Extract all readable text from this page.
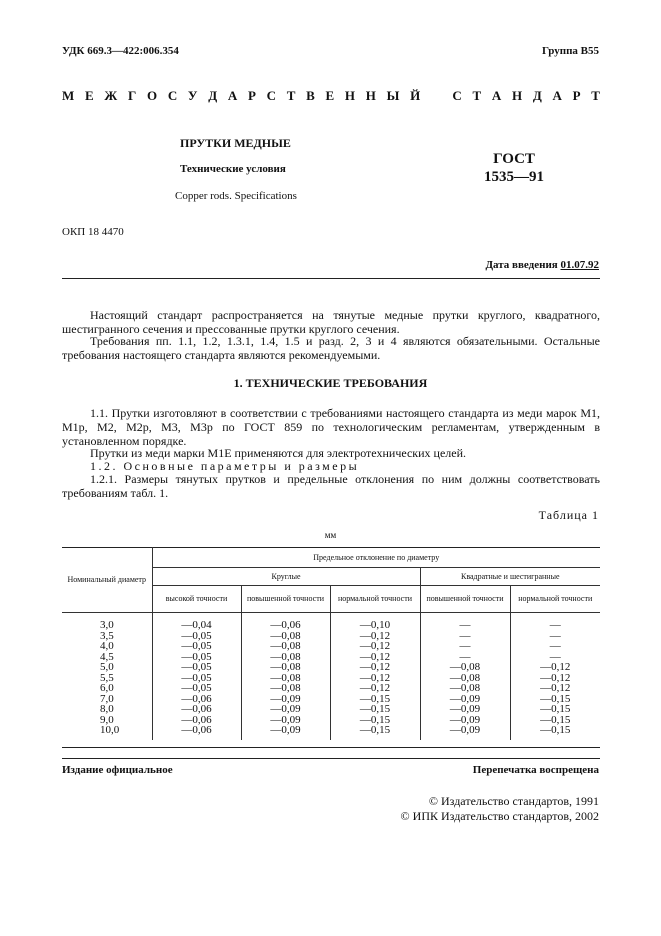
УДК 669.3—422:006.354	Группа В55
М Е Ж Г О С У Д А Р С Т В Е Н Н Ы Й С Т А Н Д А Р Т
ПРУТКИ МЕДНЫЕ
Технические условия
Copper rods. Specifications
ГОСТ
1535—91
ОКП 18 4470
Дата введения 01.07.92
Настоящий стандарт распространяется на тянутые медные прутки круглого, квадратного, шестигранного сечения и прессованные прутки круглого сечения.
Требования пп. 1.1, 1.2, 1.3.1, 1.4, 1.5 и разд. 2, 3 и 4 являются обязательными. Остальные требования настоящего стандарта являются рекомендуемыми.
1. ТЕХНИЧЕСКИЕ ТРЕБОВАНИЯ
1.1. Прутки изготовляют в соответствии с требованиями настоящего стандарта из меди марок М1, М1р, М2, М2р, М3, М3р по ГОСТ 859 по технологическим регламентам, утвержденным в установленном порядке.
Прутки из меди марки М1Е применяются для электротехнических целей.
1.2. Основные параметры и размеры
1.2.1. Размеры тянутых прутков и предельные отклонения по ним должны соответствовать требованиям табл. 1.
Таблица 1
мм
Номинальный диаметр	Предельное отклонение по диаметру				
	Круглые			Квадратные и шестигранные	
	высокой точности	повышенной точности	нормальной точности	повышенной точности	нормальной точности
3,0	—0,04	—0,06	—0,10	—	—
3,5	—0,05	—0,08	—0,12	—	—
4,0	—0,05	—0,08	—0,12	—	—
4,5	—0,05	—0,08	—0,12	—	—
5,0	—0,05	—0,08	—0,12	—0,08	—0,12
5,5	—0,05	—0,08	—0,12	—0,08	—0,12
6,0	—0,05	—0,08	—0,12	—0,08	—0,12
7,0	—0,06	—0,09	—0,15	—0,09	—0,15
8,0	—0,06	—0,09	—0,15	—0,09	—0,15
9,0	—0,06	—0,09	—0,15	—0,09	—0,15
10,0	—0,06	—0,09	—0,15	—0,09	—0,15
Издание официальное	Перепечатка воспрещена
© Издательство стандартов, 1991
© ИПК Издательство стандартов, 2002
